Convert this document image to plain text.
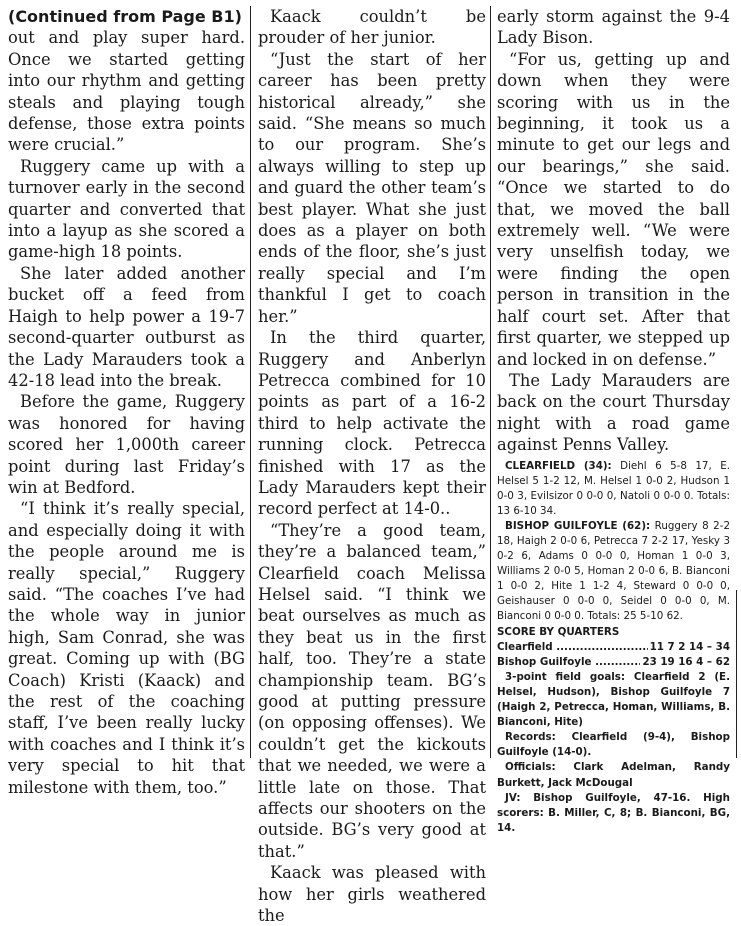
(Continued from Page B1)

out and play super hard. Once we started getting into our rhythm and getting steals and playing tough defense, those extra points were crucial.”

Ruggery came up with a turnover early in the second quarter and converted that into a layup as she scored a game-high 18 points.

She later added another bucket off a feed from Haigh to help power a 19-7 second-quarter outburst as the Lady Marauders took a 42-18 lead into the break.

Before the game, Ruggery was honored for having scored her 1,000th career point during last Friday’s win at Bedford.

“I think it’s really special, and especially doing it with the people around me is really special,” Ruggery said. “The coaches I’ve had the whole way in junior high, Sam Conrad, she was great. Coming up with (BG Coach) Kristi (Kaack) and the rest of the coaching staff, I’ve been really lucky with coaches and I think it’s very special to hit that milestone with them, too.”

Kaack couldn’t be prouder of her junior.

“Just the start of her career has been pretty historical already,” she said. “She means so much to our program. She’s always willing to step up and guard the other team’s best player. What she just does as a player on both ends of the floor, she’s just really special and I’m thankful I get to coach her.”

In the third quarter, Ruggery and Anberlyn Petrecca combined for 10 points as part of a 16-2 third to help activate the running clock. Petrecca finished with 17 as the Lady Marauders kept their record perfect at 14-0..

“They’re a good team, they’re a balanced team,” Clearfield coach Melissa Helsel said. “I think we beat ourselves as much as they beat us in the first half, too. They’re a state championship team. BG’s good at putting pressure (on opposing offenses). We couldn’t get the kickouts that we needed, we were a little late on those. That affects our shooters on the outside. BG’s very good at that.”

Kaack was pleased with how her girls weathered the

early storm against the 9-4 Lady Bison.

“For us, getting up and down when they were scoring with us in the beginning, it took us a minute to get our legs and our bearings,” she said. “Once we started to do that, we moved the ball extremely well. “We were very unselfish today, we were finding the open person in transition in the half court set. After that first quarter, we stepped up and locked in on defense.”

The Lady Marauders are back on the court Thursday night with a road game against Penns Valley.

CLEARFIELD (34): Diehl 6 5-8 17, E. Helsel 5 1-2 12, M. Helsel 1 0-0 2, Hudson 1 0-0 3, Evilsizor 0 0-0 0, Natoli 0 0-0 0. Totals: 13 6-10 34.

BISHOP GUILFOYLE (62): Ruggery 8 2-2 18, Haigh 2 0-0 6, Petrecca 7 2-2 17, Yesky 3 0-2 6, Adams 0 0-0 0, Homan 1 0-0 3, Williams 2 0-0 5, Homan 2 0-0 6, B. Bianconi 1 0-0 2, Hite 1 1-2 4, Steward 0 0-0 0, Geishauser 0 0-0 0, Seidel 0 0-0 0, M. Bianconi 0 0-0 0. Totals: 25 5-10 62.

SCORE BY QUARTERS

Clearfield .....	11 7 2 14 – 34
Bishop Guilfoyle .....	23 19 16 4 – 62

3-point field goals: Clearfield 2 (E. Helsel, Hudson), Bishop Guilfoyle 7 (Haigh 2, Petrecca, Homan, Williams, B. Bianconi, Hite)

Records: Clearfield (9-4), Bishop Guilfoyle (14-0).

Officials: Clark Adelman, Randy Burkett, Jack McDougal

JV: Bishop Guilfoyle, 47-16. High scorers: B. Miller, C, 8; B. Bianconi, BG, 14.
